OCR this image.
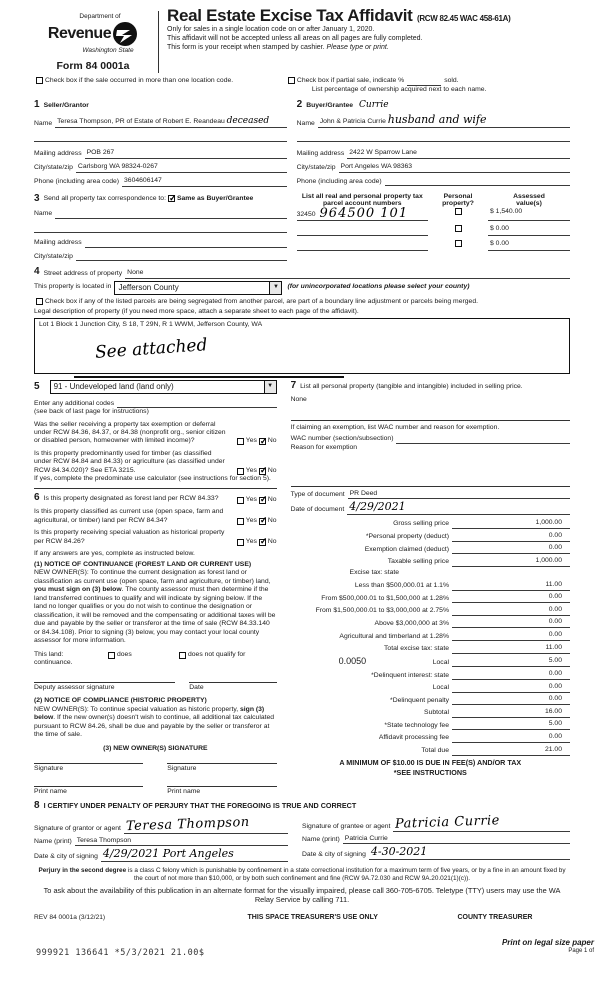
Department of
Revenue
Washington State
Form 84 0001a
Real Estate Excise Tax Affidavit (RCW 82.45 WAC 458-61A)
Only for sales in a single location code on or after January 1, 2020.
This affidavit will not be accepted unless all areas on all pages are fully completed.
This form is your receipt when stamped by cashier. Please type or print.
Check box if the sale occurred in more than one location code.	Check box if partial sale, indicate %	sold.
List percentage of ownership acquired next to each name.
1 Seller/Grantor
Name Teresa Thompson, PR of Estate of Robert E. Reandeau deceased
Mailing address POB 267
City/state/zip Carlsborg WA 98324-0267
Phone (including area code) 3604606147
2 Buyer/Grantee Currie
Name John & Patricia Currie husband and wife
Mailing address 2422 W Sparrow Lane
City/state/zip Port Angeles WA 98363
Phone (including area code)
3 Send all property tax correspondence to: ✓ Same as Buyer/Grantee
Name
Mailing address
City/state/zip
List all real and personal property tax
parcel account numbers
Personal
property?
Assessed
value(s)
32450 964500 101	$ 1,540.00
$ 0.00
$ 0.00
4 Street address of property None
This property is located in Jefferson County	▼	(for unincorporated locations please select your county)
Check box if any of the listed parcels are being segregated from another parcel, are part of a boundary line adjustment or parcels being merged.
Legal description of property (if you need more space, attach a separate sheet to each page of the affidavit).
Lot 1 Block 1 Junction City, S 18, T 29N, R 1 WWM, Jefferson County, WA
See attached
5	91 - Undeveloped land (land only)	▼
Enter any additional codes
(see back of last page for instructions)
Was the seller receiving a property tax exemption or deferral under RCW 84.36, 84.37, or 84.38 (nonprofit org., senior citizen or disabled person, homeowner with limited income)?	Yes ✓ No
Is this property predominantly used for timber (as classified under RCW 84.84 and 84.33) or agriculture (as classified under RCW 84.34.020)? See ETA 3215.	Yes ✓ No
If yes, complete the predominate use calculator (see instructions for section 5).
6 Is this property designated as forest land per RCW 84.33?	Yes ✓ No
Is this property classified as current use (open space, farm and agricultural, or timber) land per RCW 84.34?	Yes ✓ No
Is this property receiving special valuation as historical property per RCW 84.26?	Yes ✓ No
If any answers are yes, complete as instructed below.
(1) NOTICE OF CONTINUANCE (FOREST LAND OR CURRENT USE)
NEW OWNER(S): To continue the current designation as forest land or classification as current use (open space, farm and agriculture, or timber) land, you must sign on (3) below. The county assessor must then determine if the land transferred continues to qualify and will indicate by signing below. If the land no longer qualifies or you do not wish to continue the designation or classification, it will be removed and the compensating or additional taxes will be due and payable by the seller or transferor at the time of sale (RCW 84.33.140 or 84.34.108). Prior to signing (3) below, you may contact your local county assessor for more information.
This land:	does	does not qualify for
continuance.
Deputy assessor signature	Date
(2) NOTICE OF COMPLIANCE (HISTORIC PROPERTY)
NEW OWNER(S): To continue special valuation as historic property, sign (3) below. If the new owner(s) doesn't wish to continue, all additional tax calculated pursuant to RCW 84.26, shall be due and payable by the seller or transferor at the time of sale.
(3) NEW OWNER(S) SIGNATURE
Signature	Signature
Print name	Print name
7 List all personal property (tangible and intangible) included in selling price.
None
If claiming an exemption, list WAC number and reason for exemption.
WAC number (section/subsection)
Reason for exemption
Type of document PR Deed
Date of document 4/29/2021
Gross selling price	1,000.00
*Personal property (deduct)	0.00
Exemption claimed (deduct)	0.00
Taxable selling price	1,000.00
Excise tax: state
Less than $500,000.01 at 1.1%	11.00
From $500,000.01 to $1,500,000 at 1.28%	0.00
From $1,500,000.01 to $3,000,000 at 2.75%	0.00
Above $3,000,000 at 3%	0.00
Agricultural and timberland at 1.28%	0.00
Total excise tax: state	11.00
0.0050	Local	5.00
*Delinquent interest: state	0.00
Local	0.00
*Delinquent penalty	0.00
Subtotal	16.00
*State technology fee	5.00
Affidavit processing fee	0.00
Total due	21.00
A MINIMUM OF $10.00 IS DUE IN FEE(S) AND/OR TAX
*SEE INSTRUCTIONS
8 I CERTIFY UNDER PENALTY OF PERJURY THAT THE FOREGOING IS TRUE AND CORRECT
Signature of grantor or agent Teresa Thompson
Name (print) Teresa Thompson
Date & city of signing 4/29/2021 Port Angeles
Signature of grantee or agent Patricia Currie
Name (print) Patricia Currie
Date & city of signing 4-30-2021
Perjury in the second degree is a class C felony which is punishable by confinement in a state correctional institution for a maximum term of five years, or by a fine in an amount fixed by the court of not more than $10,000, or by both such confinement and fine (RCW 9A.72.030 and RCW 9A.20.021(1)(c)).
To ask about the availability of this publication in an alternate format for the visually impaired, please call 360-705-6705. Teletype (TTY) users may use the WA Relay Service by calling 711.
REV 84 0001a (3/12/21)	THIS SPACE TREASURER'S USE ONLY	COUNTY TREASURER
999921 136641 *5/3/2021 21.00$
Print on legal size paper
Page 1 of
